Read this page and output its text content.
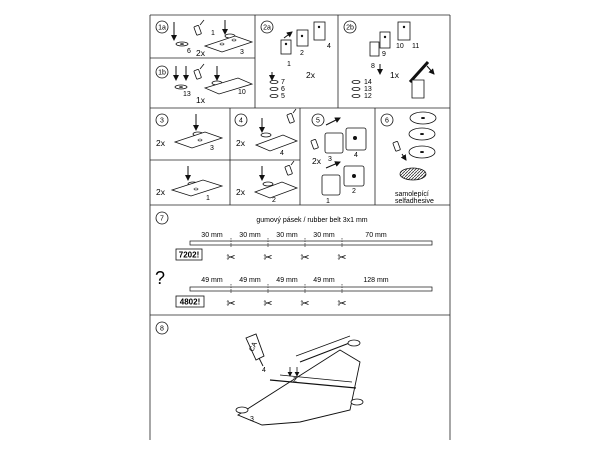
1a
1
6 2x	3
1b
13	10
1x
2a
2
4
1
2x
7
6
5
2b
10 11
9
8
1x
14
13
12
3
2x
3
2x
1
4
2x
4
2x
2
5
4
3
2x
2
1
6
samolepící
selfadhesive
7	gumový pásek / rubber belt 3x1 mm
7202!
30 mm 30 mm 30 mm 30 mm	70 mm
✂	✂	✂	✂
?
4802!
49 mm 49 mm 49 mm 49 mm	128 mm
✂	✂	✂	✂
8
CA
4
2
3
